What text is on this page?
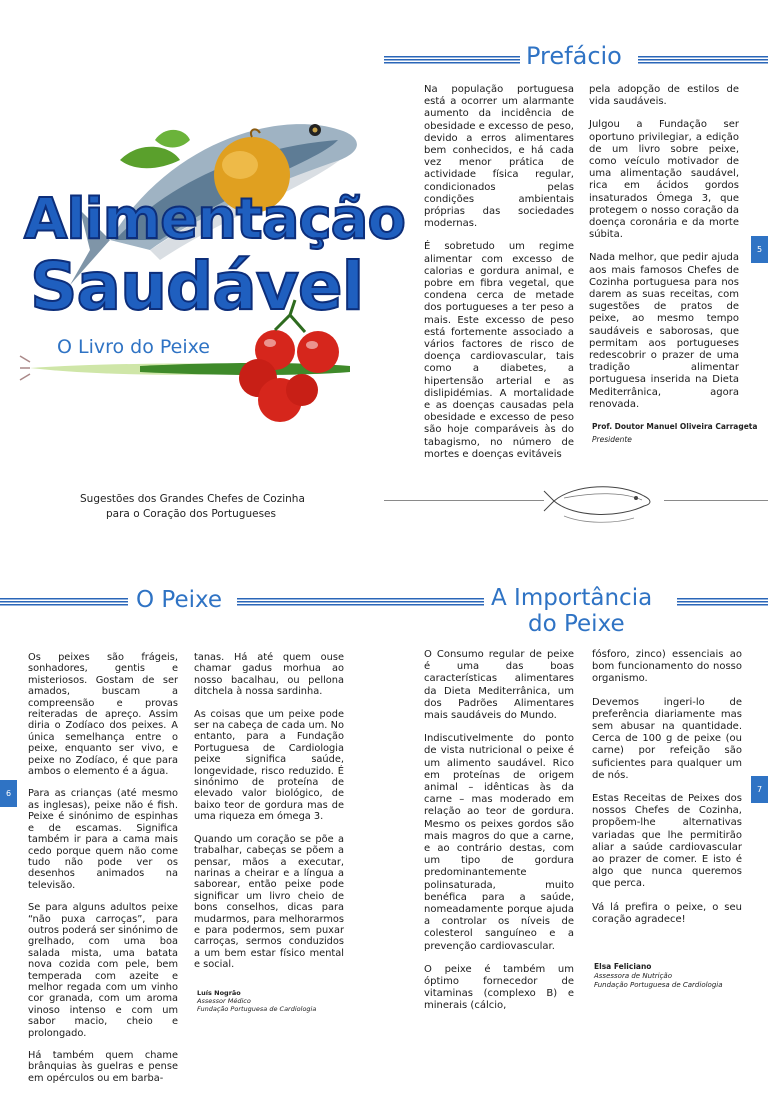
Alimentação
Saudável
O Livro do Peixe
Sugestões dos Grandes Chefes de Cozinha
para o Coração dos Portugueses
Prefácio

Na população portuguesa está a ocorrer um alarmante aumento da incidência de obesidade e excesso de peso, devido a erros alimentares bem conhecidos, e há cada vez menor prática de actividade física regular, condicionados pelas condições ambientais próprias das sociedades modernas.

É sobretudo um regime alimentar com excesso de calorias e gordura animal, e pobre em fibra vegetal, que condena cerca de metade dos portugueses a ter peso a mais. Este excesso de peso está fortemente associado a vários factores de risco de doença cardiovascular, tais como a diabetes, a hipertensão arterial e as dislipidémias. A mortalidade e as doenças causadas pela obesidade e excesso de peso são hoje comparáveis às do tabagismo, no número de mortes e doenças evitáveis

pela adopção de estilos de vida saudáveis.

Julgou a Fundação ser oportuno privilegiar, a edição de um livro sobre peixe, como veículo motivador de uma alimentação saudável, rica em ácidos gordos insaturados Ómega 3, que protegem o nosso coração da doença coronária e da morte súbita.

Nada melhor, que pedir ajuda aos mais famosos Chefes de Cozinha portuguesa para nos darem as suas receitas, com sugestões de pratos de peixe, ao mesmo tempo saudáveis e saborosas, que permitam aos portugueses redescobrir o prazer de uma tradição alimentar portuguesa inserida na Dieta Mediterrânica, agora renovada.

Prof. Doutor Manuel Oliveira Carrageta
Presidente
5
O Peixe

Os peixes são frágeis, sonhadores, gentis e misteriosos. Gostam de ser amados, buscam a compreensão e provas reiteradas de apreço. Assim diria o Zodíaco dos peixes. A única semelhança entre o peixe, enquanto ser vivo, e peixe no Zodíaco, é que para ambos o elemento é a água.

Para as crianças (até mesmo as inglesas), peixe não é fish. Peixe é sinónimo de espinhas e de escamas. Significa também ir para a cama mais cedo porque quem não come tudo não pode ver os desenhos animados na televisão.

Se para alguns adultos peixe “não puxa carroças”, para outros poderá ser sinónimo de grelhado, com uma boa salada mista, uma batata nova cozida com pele, bem temperada com azeite e melhor regada com um vinho cor granada, com um aroma vinoso intenso e com um sabor macio, cheio e prolongado.

Há também quem chame brânquias às guelras e pense em opérculos ou em barba-

tanas. Há até quem ouse chamar gadus morhua ao nosso bacalhau, ou pellona ditchela à nossa sardinha.

As coisas que um peixe pode ser na cabeça de cada um. No entanto, para a Fundação Portuguesa de Cardiologia peixe significa saúde, longevidade, risco reduzido. É sinónimo de proteína de elevado valor biológico, de baixo teor de gordura mas de uma riqueza em ómega 3.

Quando um coração se põe a trabalhar, cabeças se põem a pensar, mãos a executar, narinas a cheirar e a língua a saborear, então peixe pode significar um livro cheio de bons conselhos, dicas para mudarmos, para melhorarmos e para podermos, sem puxar carroças, sermos conduzidos a um bem estar físico mental e social.

Luís Nogrão
Assessor Médico
Fundação Portuguesa de Cardiologia
6
A Importância
do Peixe

O Consumo regular de peixe é uma das boas características alimentares da Dieta Mediterrânica, um dos Padrões Alimentares mais saudáveis do Mundo.

Indiscutivelmente do ponto de vista nutricional o peixe é um alimento saudável. Rico em proteínas de origem animal – idênticas às da carne – mas moderado em relação ao teor de gordura. Mesmo os peixes gordos são mais magros do que a carne, e ao contrário destas, com um tipo de gordura predominantemente polinsaturada, muito benéfica para a saúde, nomeadamente porque ajuda a controlar os níveis de colesterol sanguíneo e a prevenção cardiovascular.

O peixe é também um óptimo fornecedor de vitaminas (complexo B) e minerais (cálcio,

fósforo, zinco) essenciais ao bom funcionamento do nosso organismo.

Devemos ingeri-lo de preferência diariamente mas sem abusar na quantidade. Cerca de 100 g de peixe (ou carne) por refeição são suficientes para qualquer um de nós.

Estas Receitas de Peixes dos nossos Chefes de Cozinha, propõem-lhe alternativas variadas que lhe permitirão aliar a saúde cardiovascular ao prazer de comer. E isto é algo que nunca queremos que perca.

Vá lá prefira o peixe, o seu coração agradece!

Elsa Feliciano
Assessora de Nutrição
Fundação Portuguesa de Cardiologia
7
